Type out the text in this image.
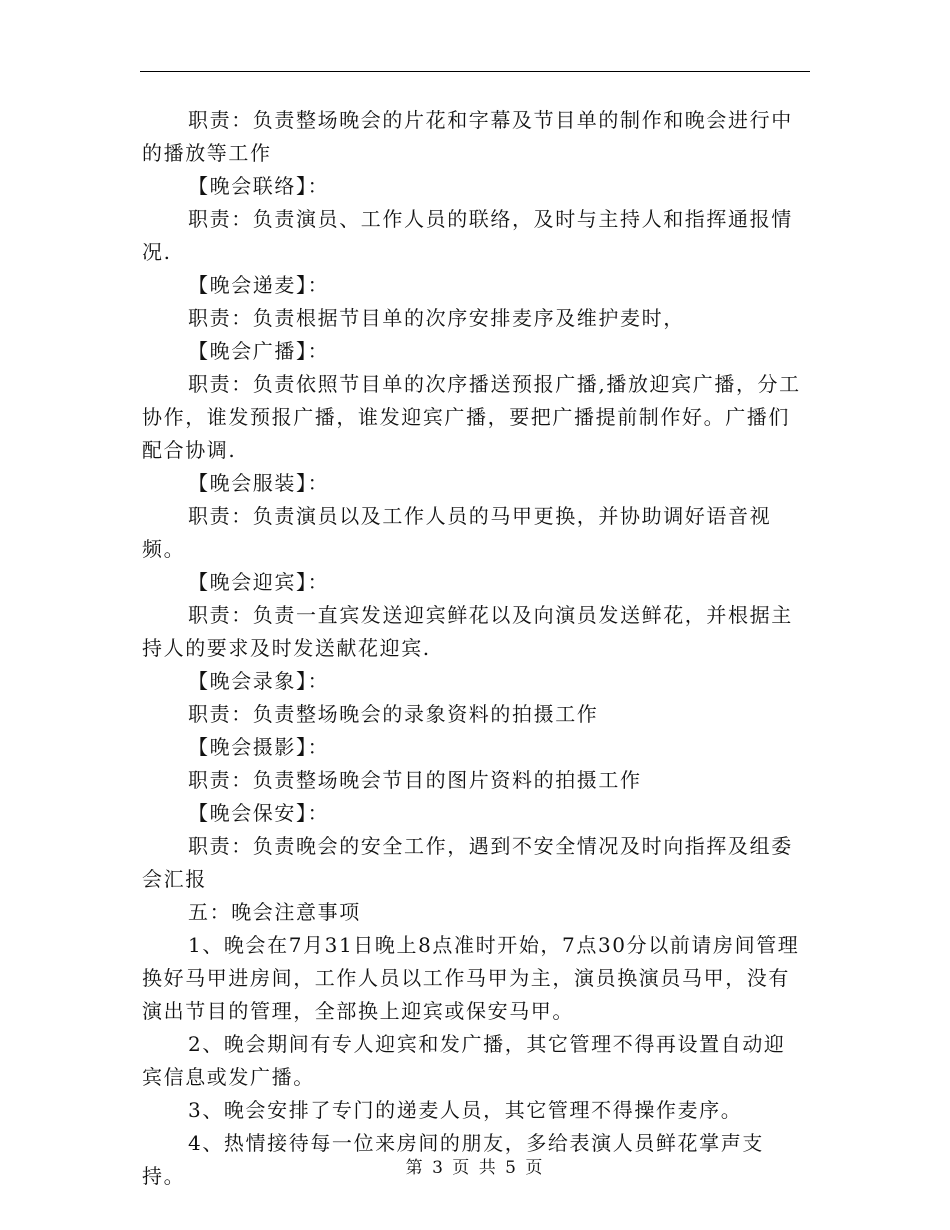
职责：负责整场晚会的片花和字幕及节目单的制作和晚会进行中的播放等工作

【晚会联络】：

职责：负责演员、工作人员的联络，及时与主持人和指挥通报情况.

【晚会递麦】：

职责：负责根据节目单的次序安排麦序及维护麦时，

【晚会广播】：

职责：负责依照节目单的次序播送预报广播,播放迎宾广播，分工协作，谁发预报广播，谁发迎宾广播，要把广播提前制作好。广播们配合协调.

【晚会服装】：

职责：负责演员以及工作人员的马甲更换，并协助调好语音视频。

【晚会迎宾】：

职责：负责一直宾发送迎宾鲜花以及向演员发送鲜花，并根据主持人的要求及时发送献花迎宾.

【晚会录象】：

职责：负责整场晚会的录象资料的拍摄工作

【晚会摄影】：

职责：负责整场晚会节目的图片资料的拍摄工作

【晚会保安】：

职责：负责晚会的安全工作，遇到不安全情况及时向指挥及组委会汇报

五：晚会注意事项

1、晚会在7月31日晚上8点准时开始，7点30分以前请房间管理换好马甲进房间，工作人员以工作马甲为主，演员换演员马甲，没有演出节目的管理，全部换上迎宾或保安马甲。

2、晚会期间有专人迎宾和发广播，其它管理不得再设置自动迎宾信息或发广播。

3、晚会安排了专门的递麦人员，其它管理不得操作麦序。

4、热情接待每一位来房间的朋友，多给表演人员鲜花掌声支持。	第 3 页 共 5 页
